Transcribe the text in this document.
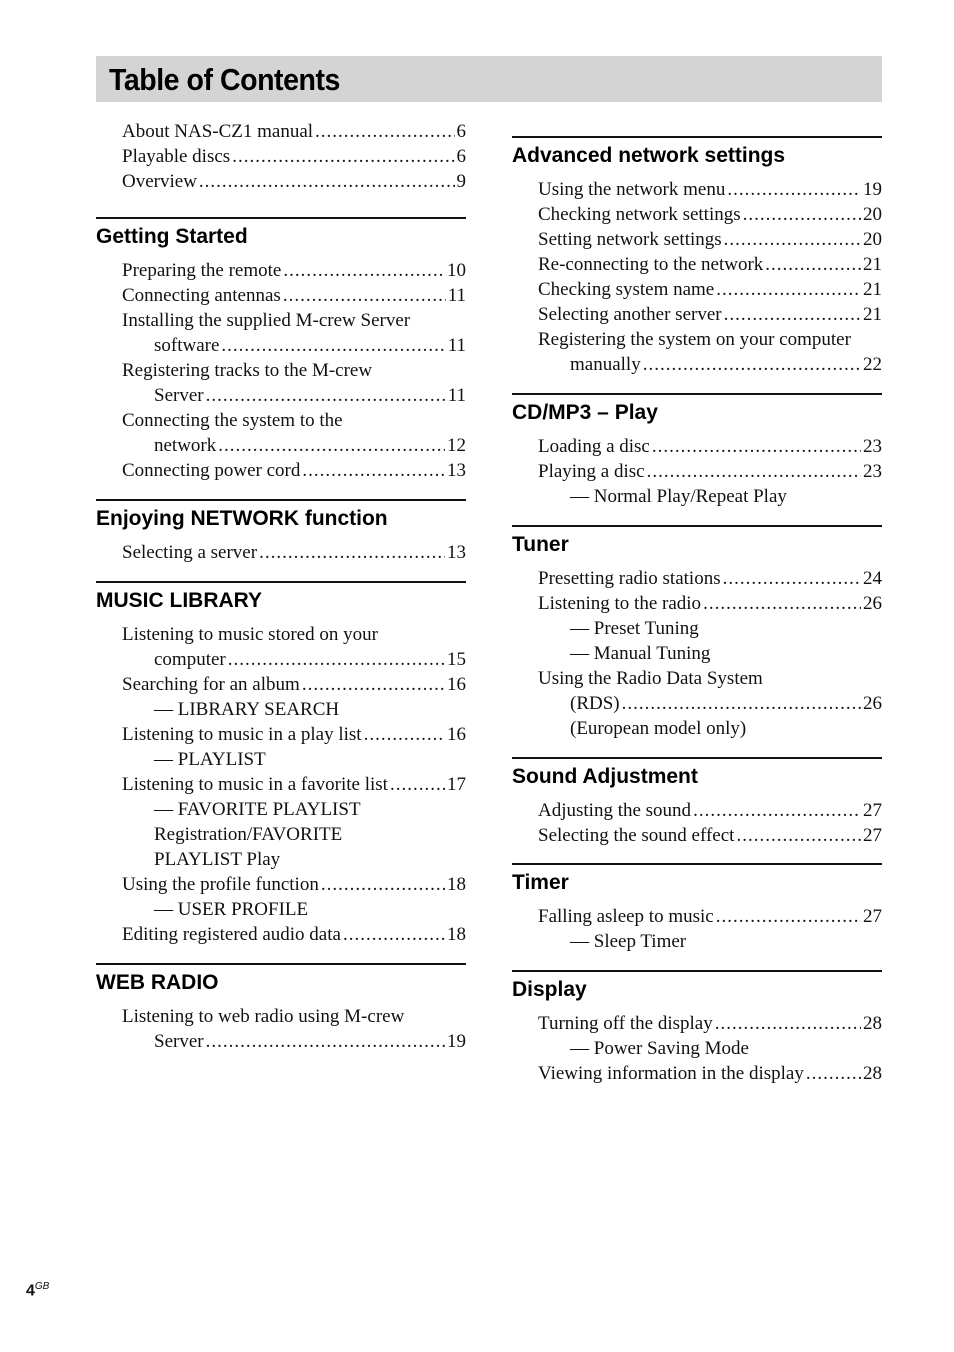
Table of Contents
About NAS-CZ1 manual .....	6
Playable discs .....	6
Overview .....	9
Getting Started
Preparing the remote .....	10
Connecting antennas .....	11
Installing the supplied M-crew Server
software .....	11
Registering tracks to the M-crew
Server .....	11
Connecting the system to the
network .....	12
Connecting power cord .....	13
Enjoying NETWORK function
Selecting a server .....	13
MUSIC LIBRARY
Listening to music stored on your
computer .....	15
Searching for an album .....	16
— LIBRARY SEARCH
Listening to music in a play list .....	16
— PLAYLIST
Listening to music in a favorite list .....	17
— FAVORITE PLAYLIST
Registration/FAVORITE
PLAYLIST Play
Using the profile function .....	18
— USER PROFILE
Editing registered audio data .....	18
WEB RADIO
Listening to web radio using M-crew
Server .....	19
Advanced network settings
Using the network menu .....	19
Checking network settings .....	20
Setting network settings .....	20
Re-connecting to the network .....	21
Checking system name .....	21
Selecting another server .....	21
Registering the system on your computer
manually .....	22
CD/MP3 – Play
Loading a disc .....	23
Playing a disc .....	23
— Normal Play/Repeat Play
Tuner
Presetting radio stations .....	24
Listening to the radio .....	26
— Preset Tuning
— Manual Tuning
Using the Radio Data System
(RDS) .....	26
(European model only)
Sound Adjustment
Adjusting the sound .....	27
Selecting the sound effect .....	27
Timer
Falling asleep to music .....	27
— Sleep Timer
Display
Turning off the display .....	28
— Power Saving Mode
Viewing information in the display .....	28
$4^{GB}$
